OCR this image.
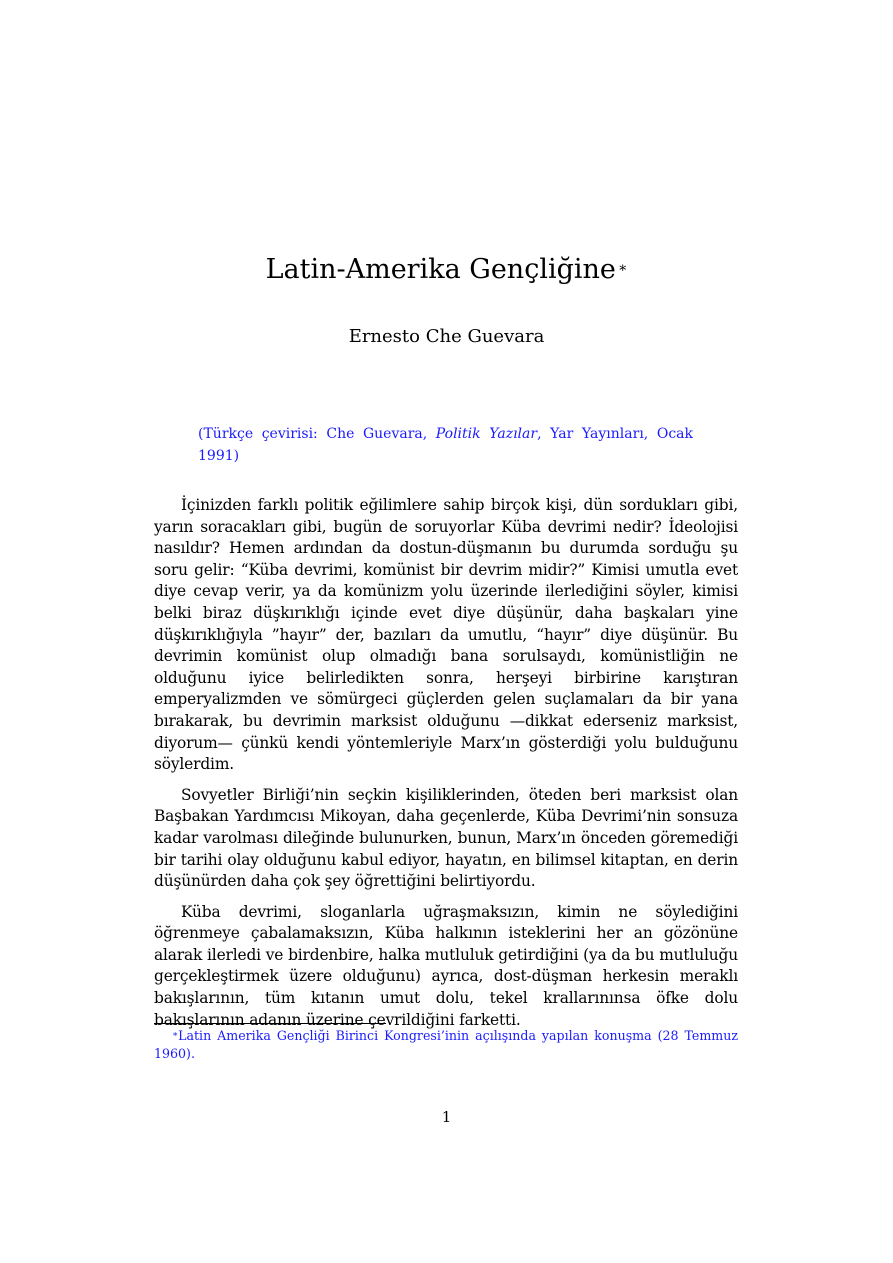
Latin-Amerika Gençliğine ∗
Ernesto Che Guevara
(Türkçe çevirisi: Che Guevara, Politik Yazılar, Yar Yayınları, Ocak 1991)

İçinizden farklı politik eğilimlere sahip birçok kişi, dün sordukları gibi, yarın soracakları gibi, bugün de soruyorlar Küba devrimi nedir? İdeolojisi nasıldır? Hemen ardından da dostun-düşmanın bu durumda sorduğu şu soru gelir: “Küba devrimi, komünist bir devrim midir?” Kimisi umutla evet diye cevap verir, ya da komünizm yolu üzerinde ilerlediğini söyler, kimisi belki biraz düşkırıklığı içinde evet diye düşünür, daha başkaları yine düşkırıklığıyla ”hayır” der, bazıları da umutlu, “hayır” diye düşünür. Bu devrimin komünist olup olmadığı bana sorulsaydı, komünistliğin ne olduğunu iyice belirledikten sonra, herşeyi birbirine karıştıran emperyalizmden ve sömürgeci güçlerden gelen suçlamaları da bir yana bırakarak, bu devrimin marksist olduğunu —dikkat ederseniz marksist, diyorum— çünkü kendi yöntemleriyle Marx’ın gösterdiği yolu bulduğunu söylerdim.

Sovyetler Birliği’nin seçkin kişiliklerinden, öteden beri marksist olan Başbakan Yardımcısı Mikoyan, daha geçenlerde, Küba Devrimi’nin sonsuza kadar varolması dileğinde bulunurken, bunun, Marx’ın önceden göremediği bir tarihi olay olduğunu kabul ediyor, hayatın, en bilimsel kitaptan, en derin düşünürden daha çok şey öğrettiğini belirtiyordu.

Küba devrimi, sloganlarla uğraşmaksızın, kimin ne söylediğini öğrenmeye çabalamaksızın, Küba halkının isteklerini her an gözönüne alarak ilerledi ve birdenbire, halka mutluluk getirdiğini (ya da bu mutluluğu gerçekleştirmek üzere olduğunu) ayrıca, dost-düşman herkesin meraklı bakışlarının, tüm kıtanın umut dolu, tekel krallarınınsa öfke dolu bakışlarının adanın üzerine çevrildiğini farketti.

∗Latin Amerika Gençliği Birinci Kongresi’inin açılışında yapılan konuşma (28 Temmuz 1960).
1
